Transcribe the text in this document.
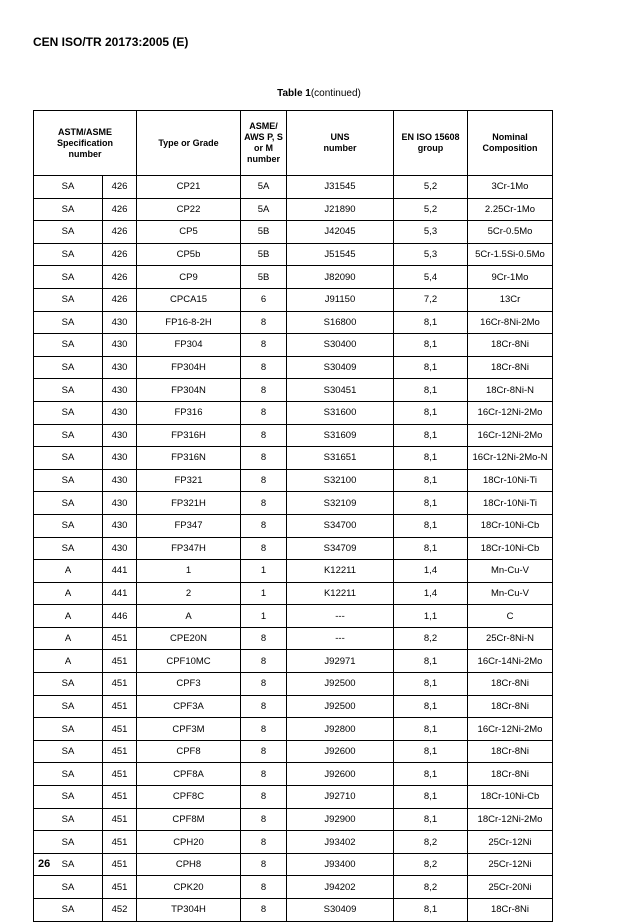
CEN ISO/TR 20173:2005 (E)
Table 1(continued)
ASTM/ASME Specification number		Type or Grade	ASME/ AWS P, S or M number	UNS number	EN ISO 15608 group	Nominal Composition
SA	426	CP21	5A	J31545	5,2	3Cr-1Mo
SA	426	CP22	5A	J21890	5,2	2.25Cr-1Mo
SA	426	CP5	5B	J42045	5,3	5Cr-0.5Mo
SA	426	CP5b	5B	J51545	5,3	5Cr-1.5Si-0.5Mo
SA	426	CP9	5B	J82090	5,4	9Cr-1Mo
SA	426	CPCA15	6	J91150	7,2	13Cr
SA	430	FP16-8-2H	8	S16800	8,1	16Cr-8Ni-2Mo
SA	430	FP304	8	S30400	8,1	18Cr-8Ni
SA	430	FP304H	8	S30409	8,1	18Cr-8Ni
SA	430	FP304N	8	S30451	8,1	18Cr-8Ni-N
SA	430	FP316	8	S31600	8,1	16Cr-12Ni-2Mo
SA	430	FP316H	8	S31609	8,1	16Cr-12Ni-2Mo
SA	430	FP316N	8	S31651	8,1	16Cr-12Ni-2Mo-N
SA	430	FP321	8	S32100	8,1	18Cr-10Ni-Ti
SA	430	FP321H	8	S32109	8,1	18Cr-10Ni-Ti
SA	430	FP347	8	S34700	8,1	18Cr-10Ni-Cb
SA	430	FP347H	8	S34709	8,1	18Cr-10Ni-Cb
A	441	1	1	K12211	1,4	Mn-Cu-V
A	441	2	1	K12211	1,4	Mn-Cu-V
A	446	A	1	---	1,1	C
A	451	CPE20N	8	---	8,2	25Cr-8Ni-N
A	451	CPF10MC	8	J92971	8,1	16Cr-14Ni-2Mo
SA	451	CPF3	8	J92500	8,1	18Cr-8Ni
SA	451	CPF3A	8	J92500	8,1	18Cr-8Ni
SA	451	CPF3M	8	J92800	8,1	16Cr-12Ni-2Mo
SA	451	CPF8	8	J92600	8,1	18Cr-8Ni
SA	451	CPF8A	8	J92600	8,1	18Cr-8Ni
SA	451	CPF8C	8	J92710	8,1	18Cr-10Ni-Cb
SA	451	CPF8M	8	J92900	8,1	18Cr-12Ni-2Mo
SA	451	CPH20	8	J93402	8,2	25Cr-12Ni
SA	451	CPH8	8	J93400	8,2	25Cr-12Ni
SA	451	CPK20	8	J94202	8,2	25Cr-20Ni
SA	452	TP304H	8	S30409	8,1	18Cr-8Ni
26
